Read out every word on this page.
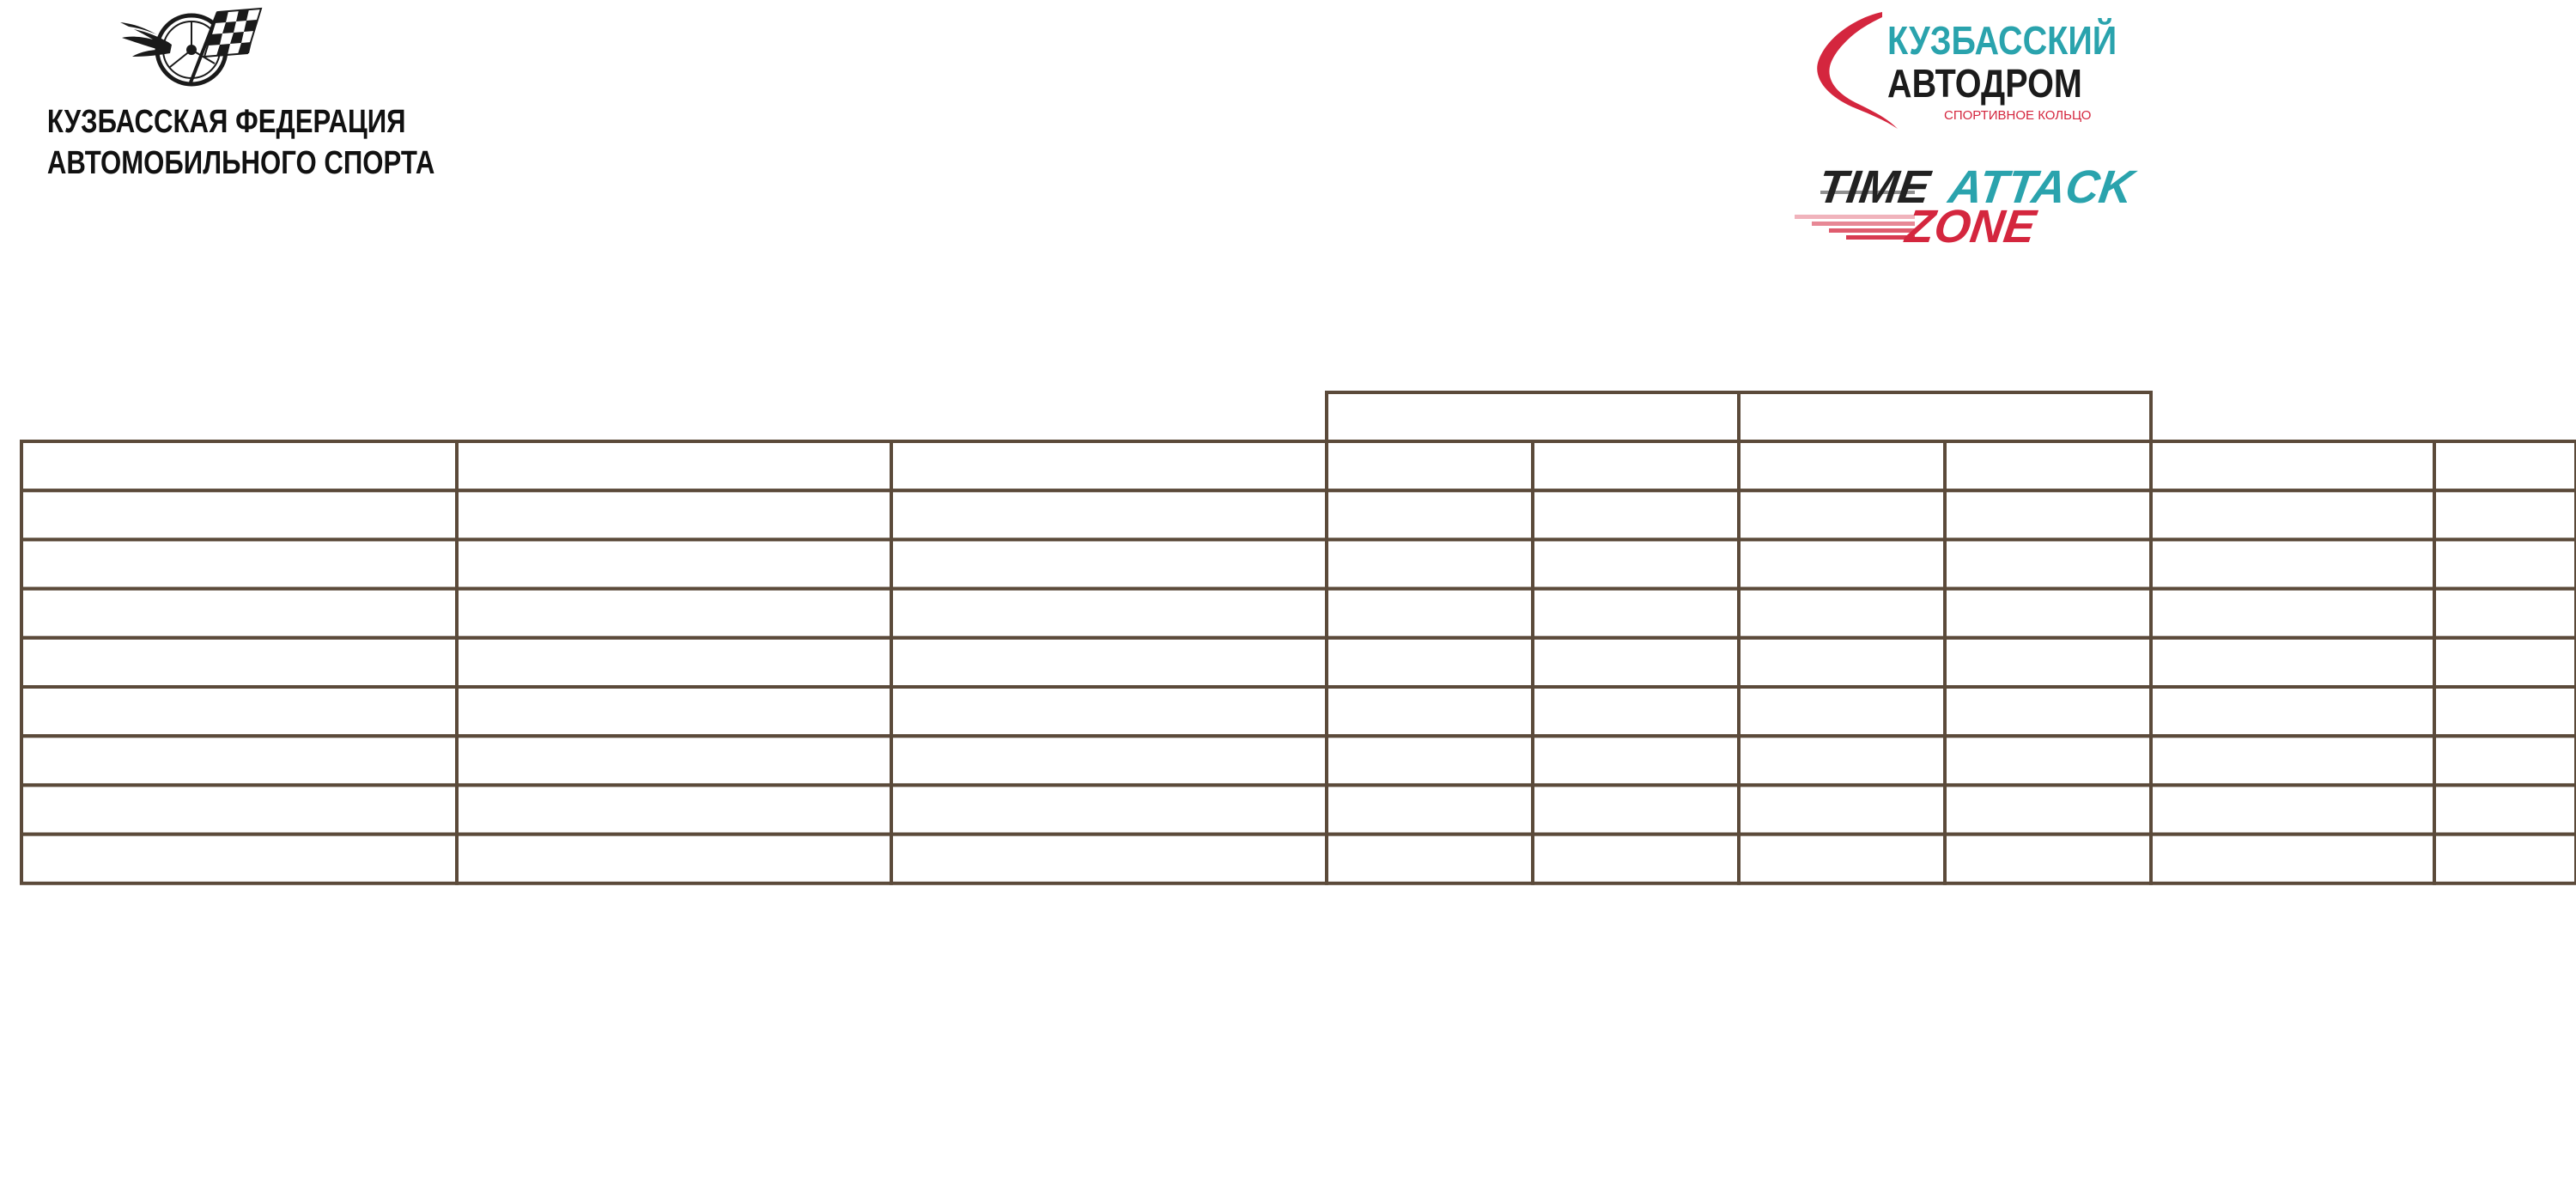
КУЗБАССКАЯ ФЕДЕРАЦИЯ
АВТОМОБИЛЬНОГО СПОРТА
КУЗБАССКИЙ
АВТОДРОМ
СПОРТИВНОЕ КОЛЬЦО
TIME ATTACK
ZONE
